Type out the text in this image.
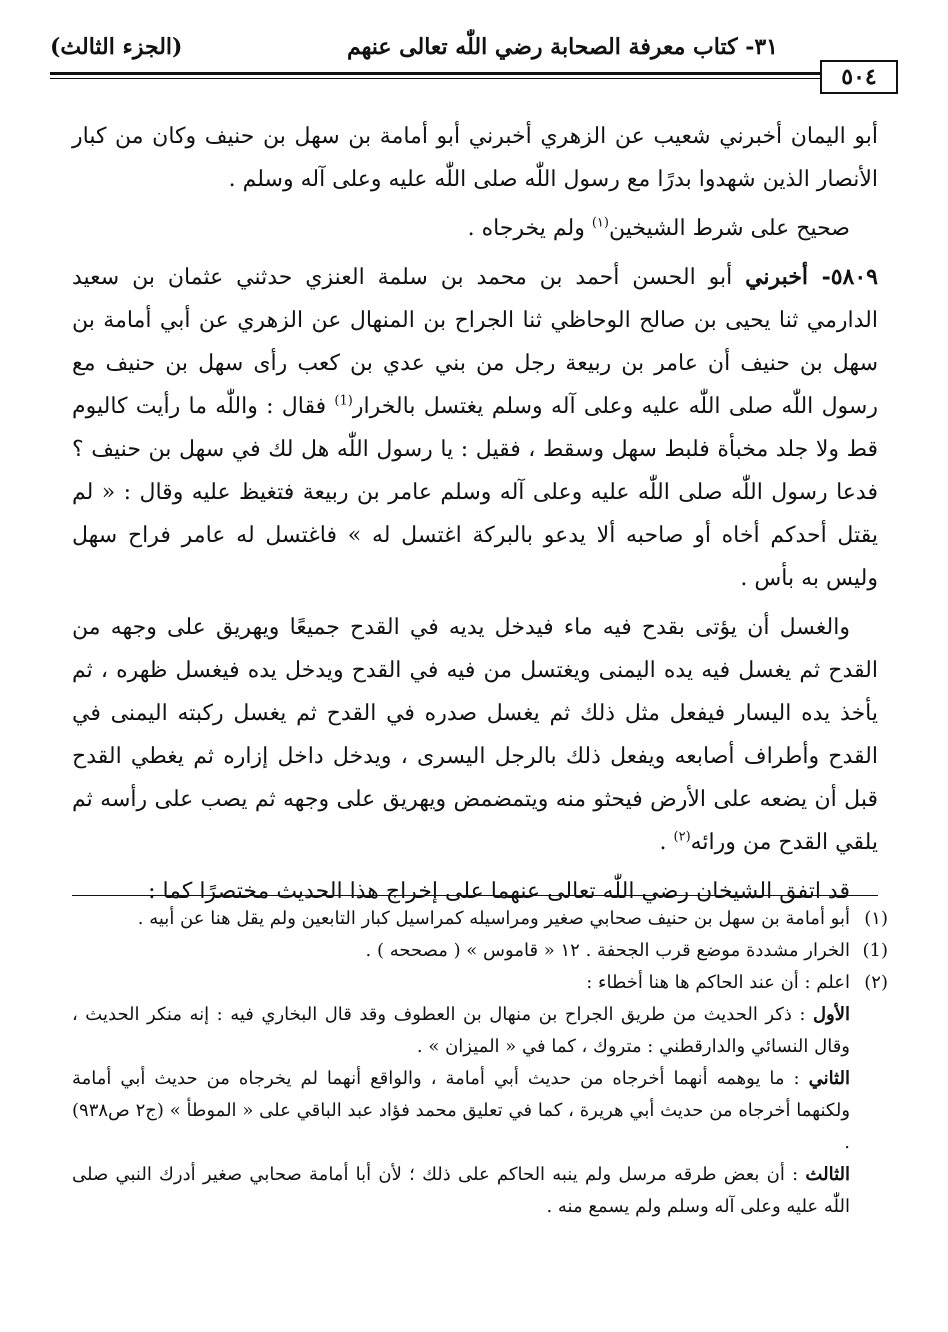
٣١- كتاب معرفة الصحابة رضي اللّٰه تعالى عنهم
(الجزء الثالث)
٥٠٤

أبو اليمان أخبرني شعيب عن الزهري أخبرني أبو أمامة بن سهل بن حنيف وكان من كبار الأنصار الذين شهدوا بدرًا مع رسول اللّٰه صلى اللّٰه عليه وعلى آله وسلم .

صحيح على شرط الشيخين$^{(١)}$ ولم يخرجاه .

٥٨٠٩- أخبرني أبو الحسن أحمد بن محمد بن سلمة العنزي حدثني عثمان بن سعيد الدارمي ثنا يحيى بن صالح الوحاظي ثنا الجراح بن المنهال عن الزهري عن أبي أمامة بن سهل بن حنيف أن عامر بن ربيعة رجل من بني عدي بن كعب رأى سهل بن حنيف مع رسول اللّٰه صلى اللّٰه عليه وعلى آله وسلم يغتسل بالخرار$^{(1)}$ فقال : واللّٰه ما رأيت كاليوم قط ولا جلد مخبأة فلبط سهل وسقط ، فقيل : يا رسول اللّٰه هل لك في سهل بن حنيف ؟ فدعا رسول اللّٰه صلى اللّٰه عليه وعلى آله وسلم عامر بن ربيعة فتغيظ عليه وقال : « لم يقتل أحدكم أخاه أو صاحبه ألا يدعو بالبركة اغتسل له » فاغتسل له عامر فراح سهل وليس به بأس .

والغسل أن يؤتى بقدح فيه ماء فيدخل يديه في القدح جميعًا ويهريق على وجهه من القدح ثم يغسل فيه يده اليمنى ويغتسل من فيه في القدح ويدخل يده فيغسل ظهره ، ثم يأخذ يده اليسار فيفعل مثل ذلك ثم يغسل صدره في القدح ثم يغسل ركبته اليمنى في القدح وأطراف أصابعه ويفعل ذلك بالرجل اليسرى ، ويدخل داخل إزاره ثم يغطي القدح قبل أن يضعه على الأرض فيحثو منه ويتمضمض ويهريق على وجهه ثم يصب على رأسه ثم يلقي القدح من ورائه$^{(٢)}$ .

قد اتفق الشيخان رضي اللّٰه تعالى عنهما على إخراج هذا الحديث مختصرًا كما :

(١)أبو أمامة بن سهل بن حنيف صحابي صغير ومراسيله كمراسيل كبار التابعين ولم يقل هنا عن أبيه .

(1)الخرار مشددة موضع قرب الجحفة . ١٢ « قاموس » ( مصححه ) .

(٢)اعلم : أن عند الحاكم ها هنا أخطاء :

الأول : ذكر الحديث من طريق الجراح بن منهال بن العطوف وقد قال البخاري فيه : إنه منكر الحديث ، وقال النسائي والدارقطني : متروك ، كما في « الميزان » .

الثاني : ما يوهمه أنهما أخرجاه من حديث أبي أمامة ، والواقع أنهما لم يخرجاه من حديث أبي أمامة ولكنهما أخرجاه من حديث أبي هريرة ، كما في تعليق محمد فؤاد عبد الباقي على « الموطأ » (ج٢ ص٩٣٨) .

الثالث : أن بعض طرقه مرسل ولم ينبه الحاكم على ذلك ؛ لأن أبا أمامة صحابي صغير أدرك النبي صلى اللّٰه عليه وعلى آله وسلم ولم يسمع منه .
